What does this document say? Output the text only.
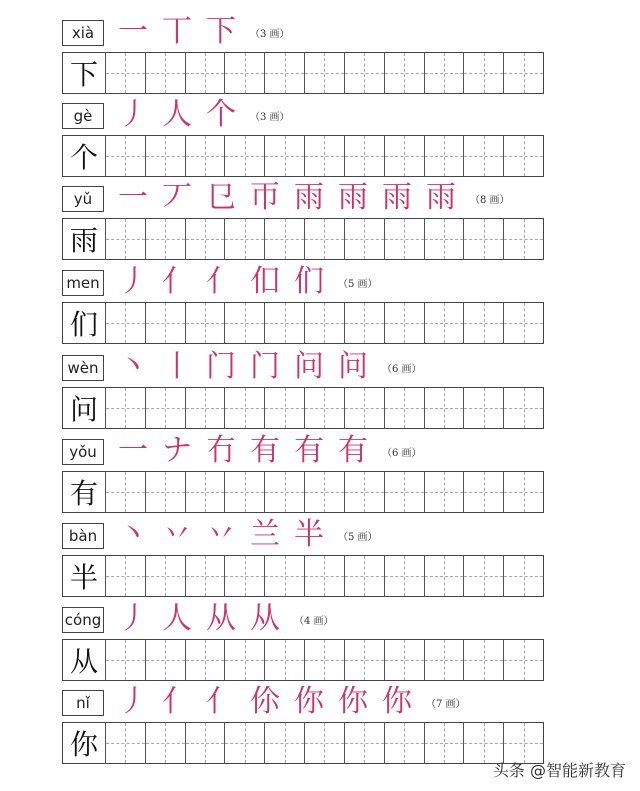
xià 一 丅 下	（3 画）
下
gè 丿 人 个	（3 画）
个
yǔ 一 丆 㔾 帀 雨 雨 雨 雨	（8 画）
雨
men 丿 亻 亻 㐰 们	（5 画）
们
wèn 丶 丨 门 门 问 问	（6 画）
问
yǒu 一 ナ 冇 有 有 有	（6 画）
有
bàn 丶 丷 丷 兰 半	（5 画）
半
cóng 丿 人 从 从	（4 画）
从
nǐ 丿 亻 亻 伱 你 你 你	（7 画）
你
头条 @智能新教育
